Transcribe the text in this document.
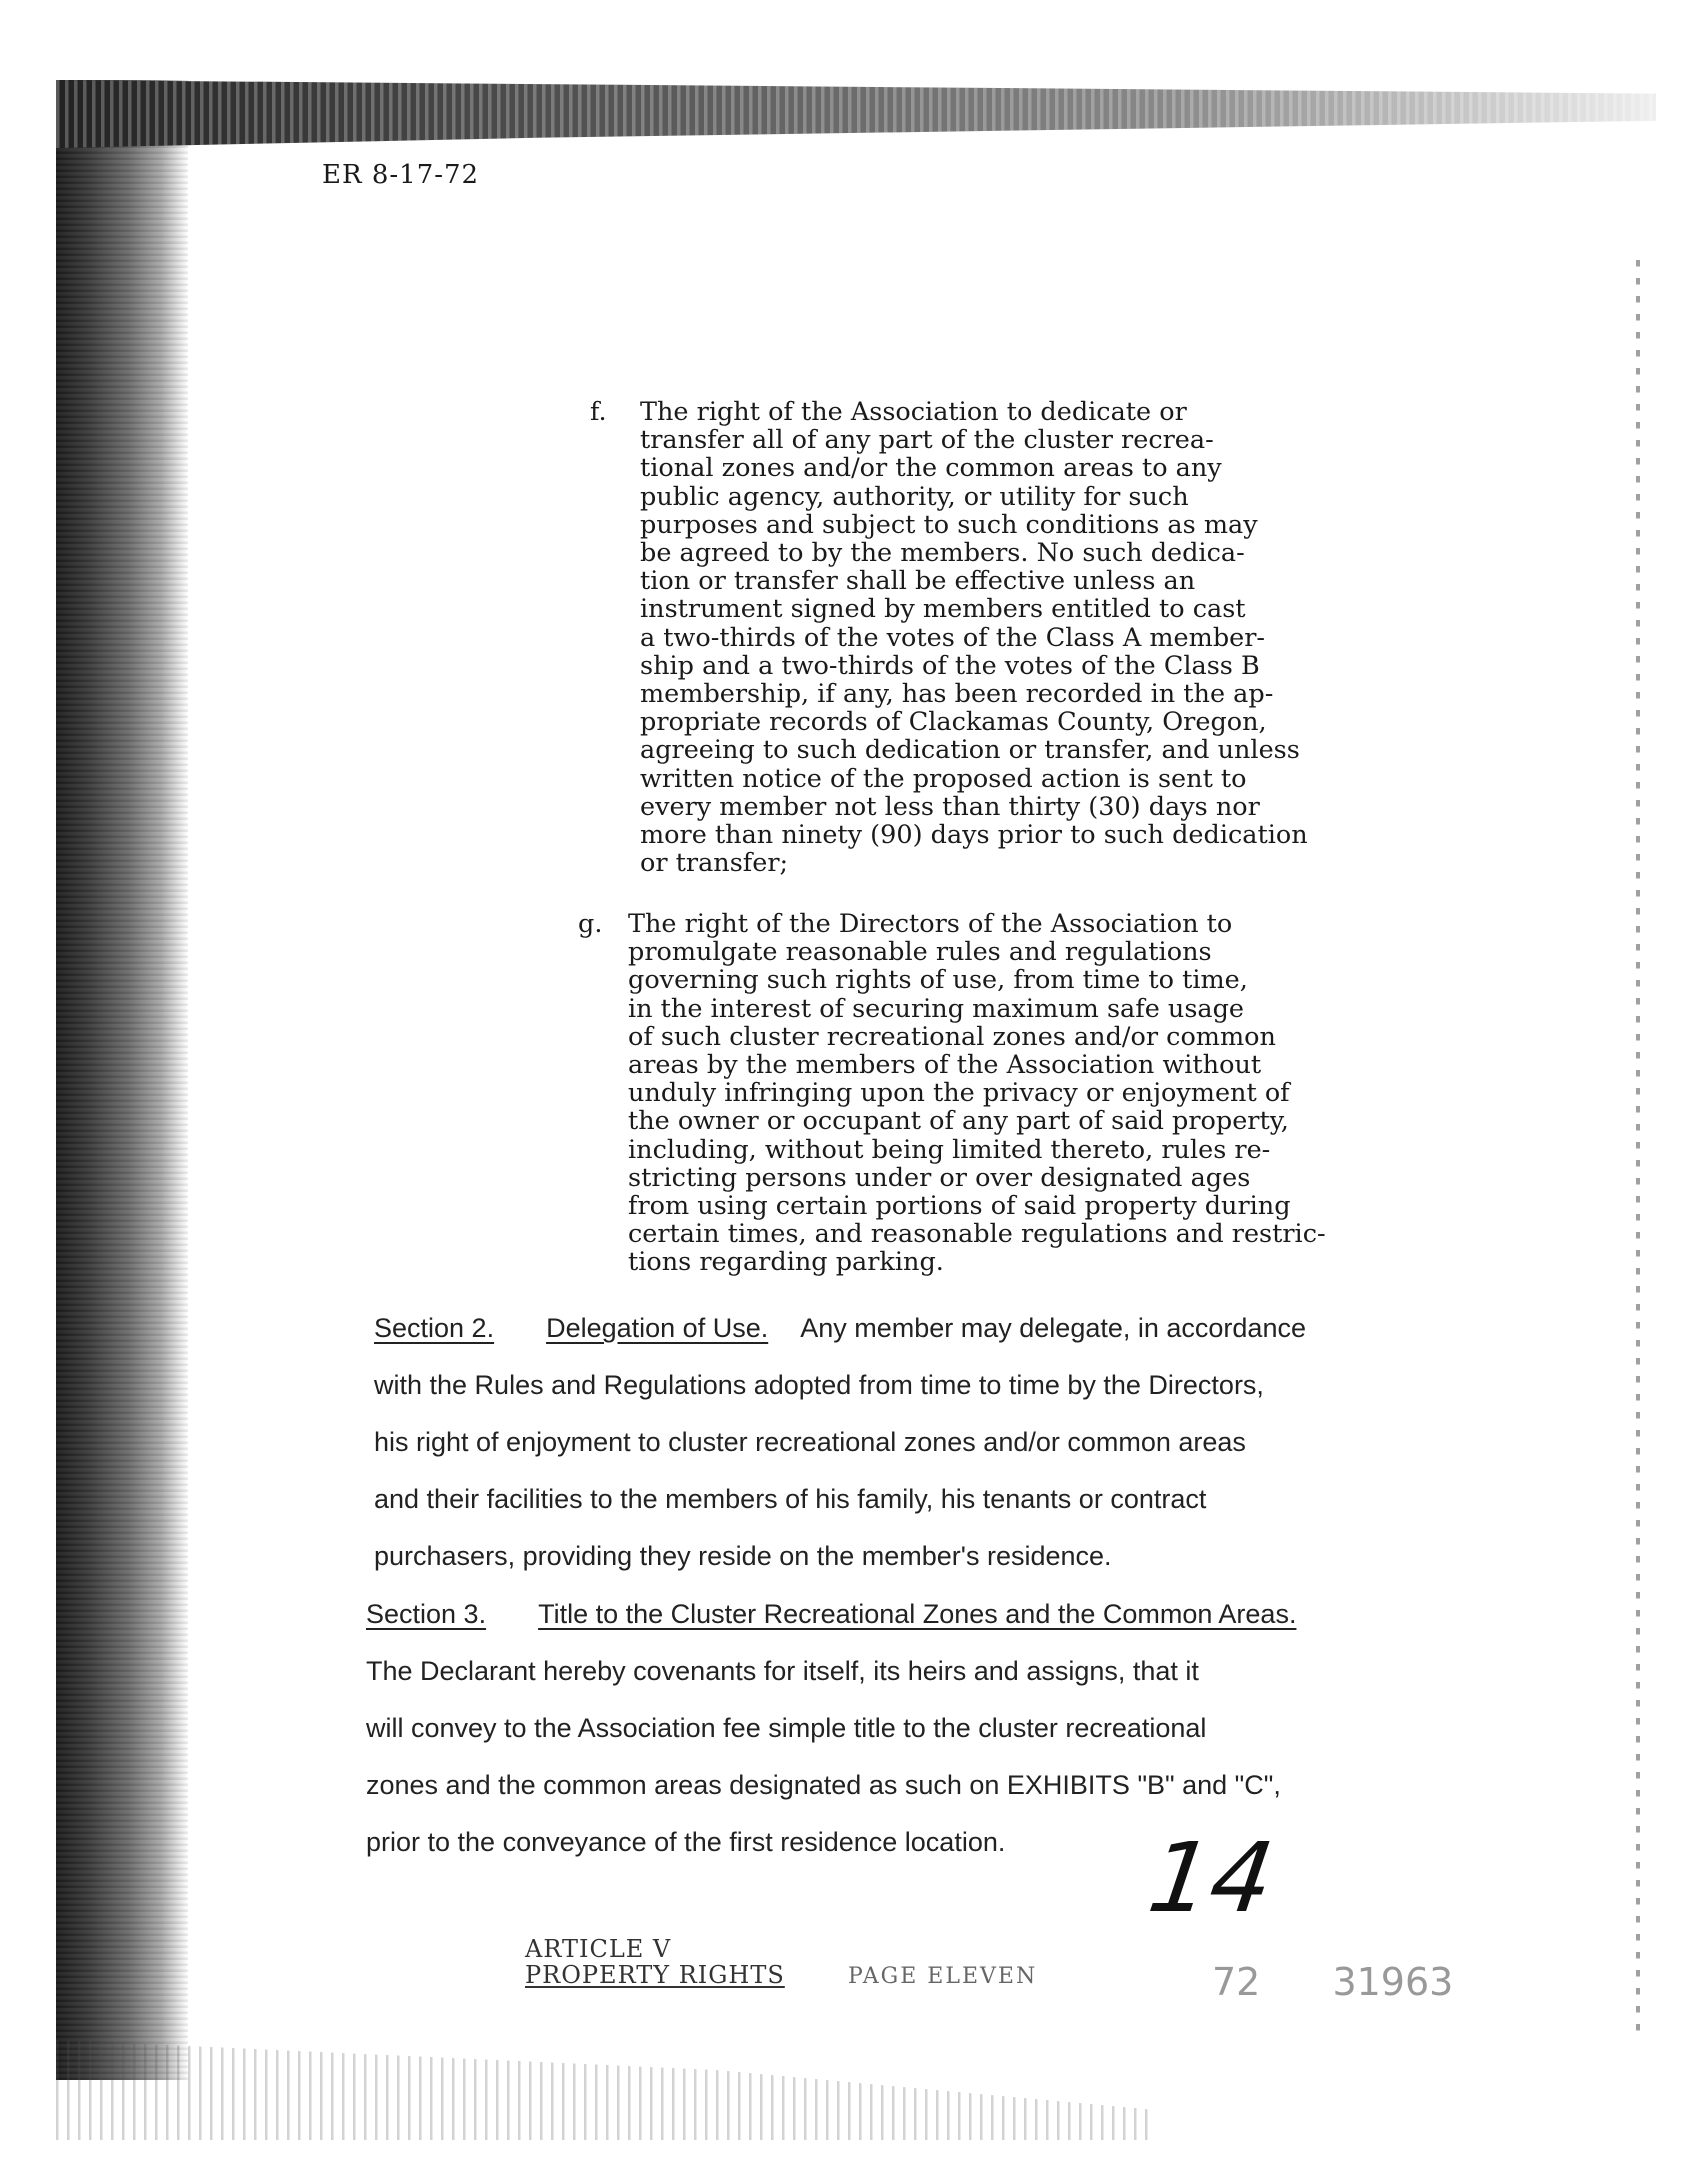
ER 8-17-72
f. The right of the Association to dedicate or
transfer all of any part of the cluster recrea-
tional zones and/or the common areas to any
public agency, authority, or utility for such
purposes and subject to such conditions as may
be agreed to by the members. No such dedica-
tion or transfer shall be effective unless an
instrument signed by members entitled to cast
a two-thirds of the votes of the Class A member-
ship and a two-thirds of the votes of the Class B
membership, if any, has been recorded in the ap-
propriate records of Clackamas County, Oregon,
agreeing to such dedication or transfer, and unless
written notice of the proposed action is sent to
every member not less than thirty (30) days nor
more than ninety (90) days prior to such dedication
or transfer;
g. The right of the Directors of the Association to
promulgate reasonable rules and regulations
governing such rights of use, from time to time,
in the interest of securing maximum safe usage
of such cluster recreational zones and/or common
areas by the members of the Association without
unduly infringing upon the privacy or enjoyment of
the owner or occupant of any part of said property,
including, without being limited thereto, rules re-
stricting persons under or over designated ages
from using certain portions of said property during
certain times, and reasonable regulations and restric-
tions regarding parking.
Section 2. Delegation of Use. Any member may delegate, in accordance
with the Rules and Regulations adopted from time to time by the Directors,
his right of enjoyment to cluster recreational zones and/or common areas
and their facilities to the members of his family, his tenants or contract
purchasers, providing they reside on the member's residence.
Section 3. Title to the Cluster Recreational Zones and the Common Areas.
The Declarant hereby covenants for itself, its heirs and assigns, that it
will convey to the Association fee simple title to the cluster recreational
zones and the common areas designated as such on EXHIBITS "B" and "C",
prior to the conveyance of the first residence location.	14
ARTICLE V
PROPERTY RIGHTS	PAGE ELEVEN	72 31963
